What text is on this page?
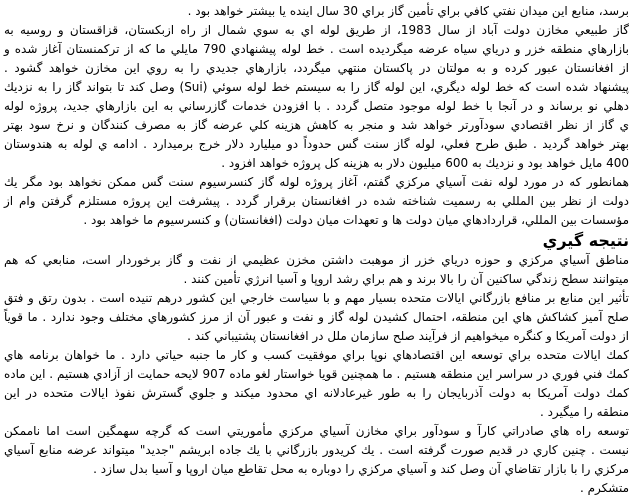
برسد، منابع اين ميدان نفتي كافي براي تأمين گاز براي 30 سال اينده يا بيشتر خواهد بود .
گاز طبيعي مخازن دولت آباد از سال 1983، از طريق لوله اي به سوي شمال از راه ازبكستان، قزاقستان و روسيه به
بازارهاي منطقه خزر و درياي سياه عرضه ميگرديده است . خط لوله پيشنهادي 790 مايلي ما كه از تركمنستان آغاز شده و
از افغانستان عبور كرده و به مولتان در پاكستان منتهي ميگردد، بازارهاي جديدي را به روي اين مخازن خواهد گشود .
پيشنهاد شده است كه خط لوله ديگري، اين لوله گاز را به سيستم خط لوله سوئي (Sui) وصل كند تا بتواند گاز را به نزديك
دهلي نو برساند و در آنجا با خط لوله موجود متصل گردد . با افزودن خدمات گازرساني به اين بازارهاي جديد، پروژه لوله
ي گاز از نظر اقتصادي سودآورتر خواهد شد و منجر به كاهش هزينه كلي عرضه گاز به مصرف كنندگان و نرخ سود بهتر
بهتر خواهد گرديد . طبق طرح فعلي، لوله گاز سنت گس حدوداً دو ميليارد دلار خرج برميدارد . ادامه ي لوله به هندوستان
400 مايل خواهد بود و نزديك به 600 ميليون دلار به هزينه كل پروژه خواهد افزود .
همانطور كه در مورد لوله نفت آسياي مركزي گفتم، آغاز پروژه لوله گاز كنسرسيوم سنت گس ممكن نخواهد بود مگر يك
دولت از نظر بين المللي به رسميت شناخته شده در افغانستان برقرار گردد . پيشرفت اين پروژه مستلزم گرفتن وام از
مؤسسات بين المللي، قراردادهاي ميان دولت ها و تعهدات ميان دولت (افغانستان) و كنسرسيوم ما خواهد بود .
نتيجه گيري
مناطق آسياي مركزي و حوزه درياي خزر از موهبت داشتن مخزن عظيمي از نفت و گاز برخوردار است، منابعي كه هم
ميتوانند سطح زندگي ساكنين آن را بالا برند و هم براي رشد اروپا و آسيا انرژي تأمين كنند .
تأثير اين منابع بر منافع بازرگاني ايالات متحده بسيار مهم و با سياست خارجي اين كشور درهم تنيده است . بدون رتق و فتق
صلح آميز كشاكش هاي اين منطقه، احتمال كشيدن لوله گاز و نفت و عبور آن از مرز كشورهاي مختلف وجود ندارد . ما قوياً
از دولت آمريكا و كنگره ميخواهيم از فرآيند صلح سازمان ملل در افغانستان پشتيباني كند .
كمك ايالات متحده براي توسعه اين اقتصادهاي نوپا براي موفقيت كسب و كار ما جنبه حياتي دارد . ما خواهان برنامه هاي
كمك فني فوري در سراسر اين منطقه هستيم . ما همچنين قويا خواستار لغو ماده 907 لايحه حمايت از آزادي هستيم . اين ماده
كمك دولت آمريكا به دولت آذربايجان را به طور غيرعادلانه اي محدود ميكند و جلوي گسترش نفوذ ايالات متحده در اين
منطقه را ميگيرد .
توسعه راه هاي صادراتي كارآ و سودآور براي مخازن آسياي مركزي مأموريتي است كه گرچه سهمگين است اما ناممكن
نيست . چنين كاري در قديم صورت گرفته است . يك كريدور بازرگاني با يك جاده ابريشم "جديد" ميتواند عرضه منابع آسياي
مركزي را با بازار تقاضاي آن وصل كند و آسياي مركزي را دوباره به محل تقاطع ميان اروپا و آسيا بدل سازد .
متشكرم .
